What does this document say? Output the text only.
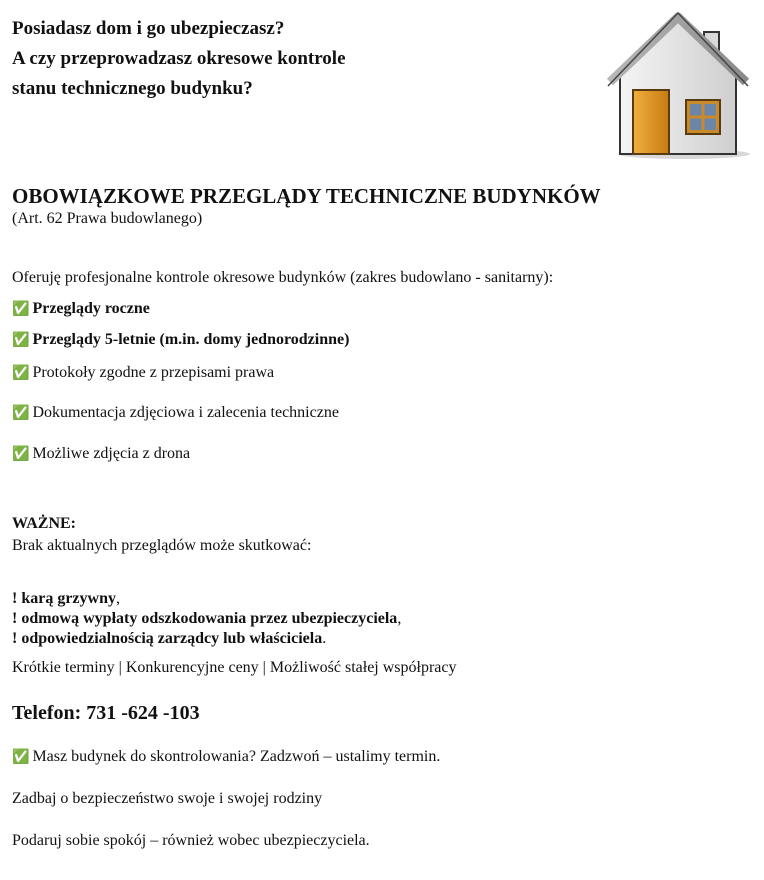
Posiadasz dom i go ubezpieczasz?
A czy przeprowadzasz okresowe kontrole
stanu technicznego budynku?
OBOWIĄZKOWE PRZEGLĄDY TECHNICZNE BUDYNKÓW
(Art. 62 Prawa budowlanego)
Oferuję profesjonalne kontrole okresowe budynków (zakres budowlano - sanitarny):
✅ Przeglądy roczne
✅ Przeglądy 5-letnie (m.in. domy jednorodzinne)
✅ Protokoły zgodne z przepisami prawa
✅ Dokumentacja zdjęciowa i zalecenia techniczne
✅ Możliwe zdjęcia z drona
WAŻNE:
Brak aktualnych przeglądów może skutkować:
! karą grzywny,
! odmową wypłaty odszkodowania przez ubezpieczyciela,
! odpowiedzialnością zarządcy lub właściciela.
Krótkie terminy | Konkurencyjne ceny | Możliwość stałej współpracy
Telefon: 731 -624 -103
✅ Masz budynek do skontrolowania? Zadzwoń – ustalimy termin.
Zadbaj o bezpieczeństwo swoje i swojej rodziny
Podaruj sobie spokój – również wobec ubezpieczyciela.
